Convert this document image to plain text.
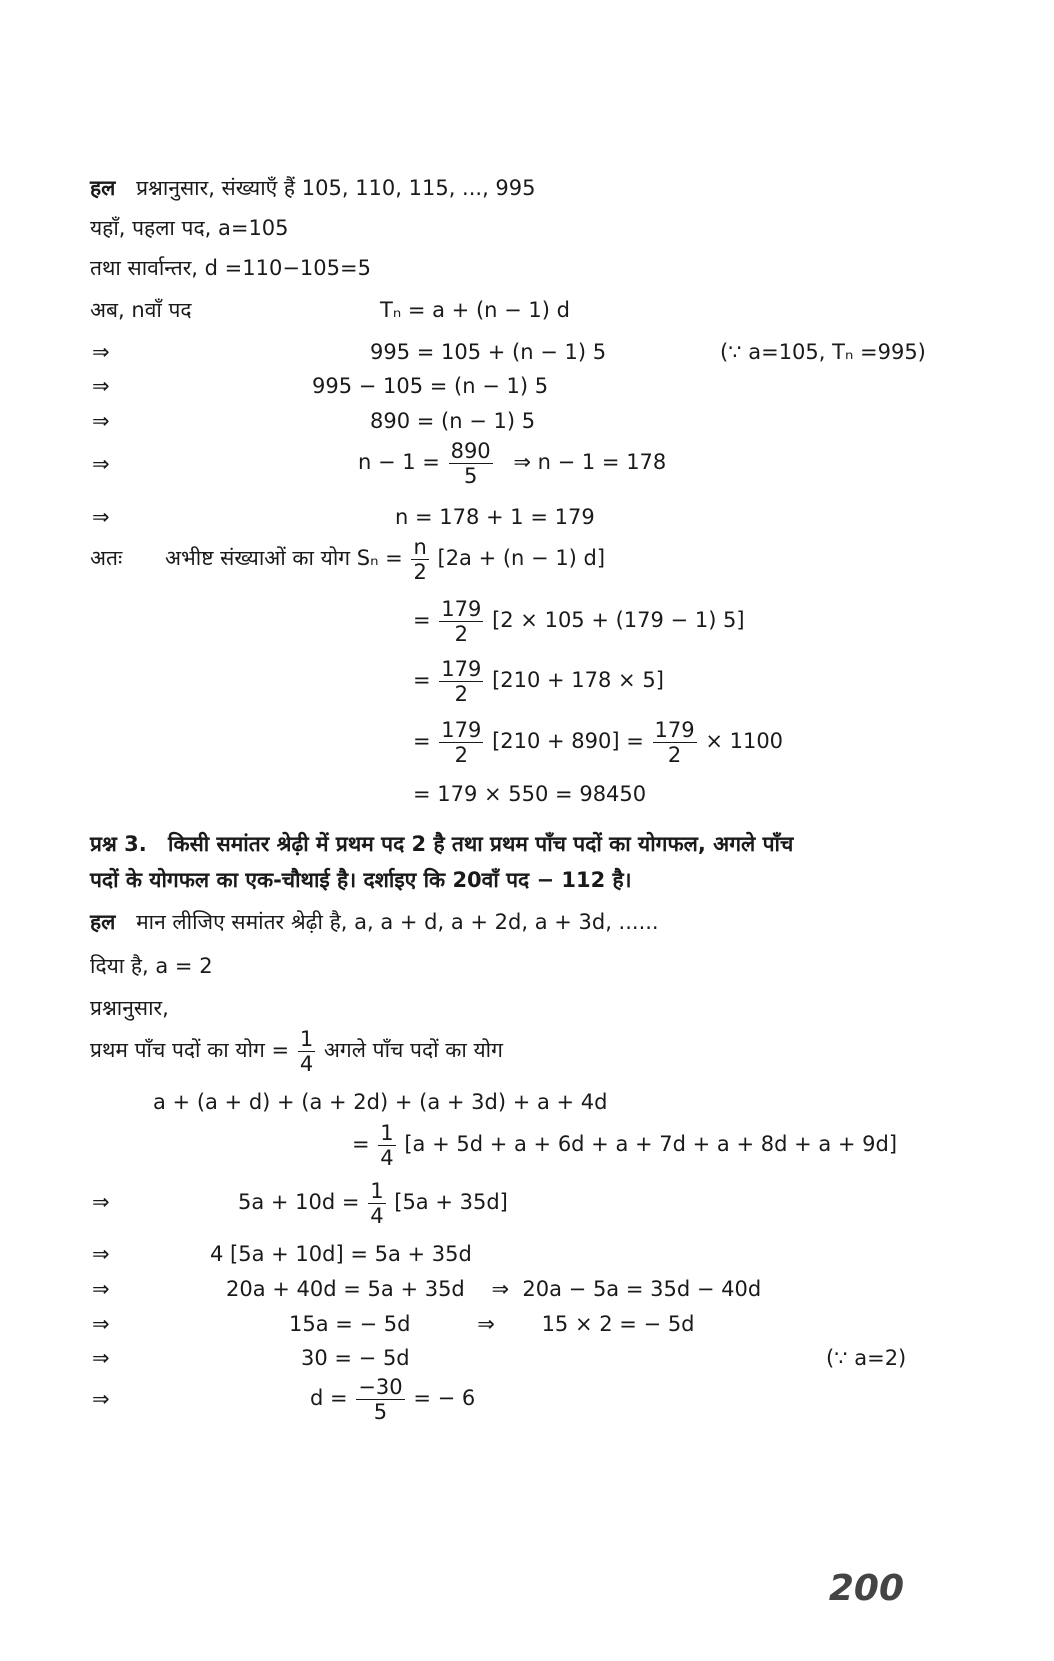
हल प्रश्नानुसार, संख्याएँ हैं 105, 110, 115, ..., 995
यहाँ, पहला पद, a=105
तथा सार्वान्तर, d =110−105=5
अब, nवाँ पद	Tₙ = a + (n − 1) d
⇒	995 = 105 + (n − 1) 5	(∵ a=105, Tₙ =995)
⇒	995 − 105 = (n − 1) 5
⇒	890 = (n − 1) 5
⇒	$n - 1 = \frac{890}{5}$ ⇒ n − 1 = 178
⇒	n = 178 + 1 = 179
अतः अभीष्ट संख्याओं का योग $S_n = \frac{n}{2} [2a + (n - 1)$ d]
= $\frac{179}{2} [2 \times 105 + (179 - 1)$ 5]
= $\frac{179}{2} [210 + 178 \times 5]$
= $\frac{179}{2} [210 + 890] = \frac{179}{2} \times 1100$
= 179 × 550 = 98450
प्रश्न 3. किसी समांतर श्रेढ़ी में प्रथम पद 2 है तथा प्रथम पाँच पदों का योगफल, अगले पाँच
पदों के योगफल का एक-चौथाई है। दर्शाइए कि 20वाँ पद − 112 है।
हल मान लीजिए समांतर श्रेढ़ी है, a, a + d, a + 2d, a + 3d, ......
दिया है, a = 2
प्रश्नानुसार,
प्रथम पाँच पदों का योग = $\frac{1}{4}$ अगले पाँच पदों का योग
a + (a + d) + (a + 2d) + (a + 3d) + a + 4d
= $\frac{1}{4} [a + 5d + a + 6d + a + 7d + a + 8d + a + 9d]$
⇒	$5a + 10d = \frac{1}{4} [5a + 35d]$
⇒	4 [5a + 10d] = 5a + 35d
⇒	20a + 40d = 5a + 35d    ⇒  20a − 5a = 35d − 40d
⇒	15a = − 5d          ⇒       15 × 2 = − 5d
⇒	30 = − 5d	(∵ a=2)
⇒	$d = \frac{-30}{5}$ = − 6
200
